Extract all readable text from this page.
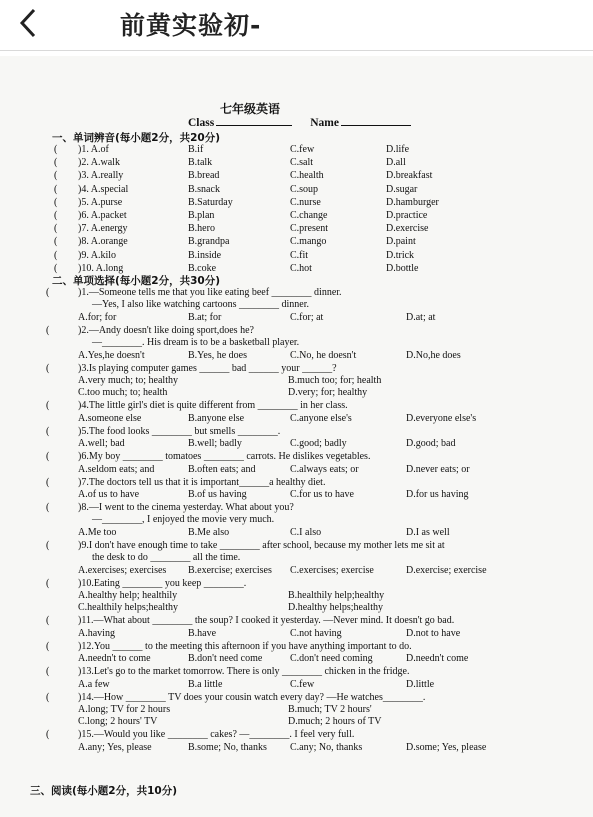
前黄实验初-
七年级英语
Class	Name
一、单词辨音(每小题2分，共20分)
( )1. A.of	B.if	C.few	D.life
( )2. A.walk	B.talk	C.salt	D.all
( )3. A.really	B.bread	C.health	D.breakfast
( )4. A.special	B.snack	C.soup	D.sugar
( )5. A.purse	B.Saturday	C.nurse	D.hamburger
( )6. A.packet	B.plan	C.change	D.practice
( )7. A.energy	B.hero	C.present	D.exercise
( )8. A.orange	B.grandpa	C.mango	D.paint
( )9. A.kilo	B.inside	C.fit	D.trick
( )10. A.long	B.coke	C.hot	D.bottle
二、单项选择(每小题2分，共30分)
(	)1.—Someone tells me that you like eating beef ________ dinner.
—Yes, I also like watching cartoons ________ dinner.
A.for; for	B.at; for	C.for; at	D.at; at
(	)2.—Andy doesn't like doing sport,does he?
—________. His dream is to be a basketball player.
A.Yes,he doesn't	B.Yes, he does	C.No, he doesn't	D.No,he does
(	)3.Is playing computer games ______ bad ______ your ______?
A.very much; to; healthy	B.much too; for; health
C.too much; to; health	D.very; for; healthy
(	)4.The little girl's diet is quite different from ________ in her class.
A.someone else	B.anyone else	C.anyone else's	D.everyone else's
(	)5.The food looks ________ but smells ________.
A.well; bad	B.well; badly	C.good; badly	D.good; bad
(	)6.My boy ________ tomatoes ________ carrots. He dislikes vegetables.
A.seldom eats; and	B.often eats; and	C.always eats; or	D.never eats; or
(	)7.The doctors tell us that it is important______a healthy diet.
A.of us to have	B.of us having	C.for us to have	D.for us having
(	)8.—I went to the cinema yesterday. What about you?
—________, I enjoyed the movie very much.
A.Me too	B.Me also	C.I also	D.I as well
(	)9.I don't have enough time to take ________ after school, because my mother lets me sit at
the desk to do ________ all the time.
A.exercises; exercises B.exercise; exercises C.exercises; exercise	D.exercise; exercise
(	)10.Eating ________ you keep ________.
A.healthy help; healthily	B.healthily help;healthy
C.healthily helps;healthy	D.healthy helps;healthy
(	)11.—What about ________ the soup? I cooked it yesterday. —Never mind. It doesn't go bad.
A.having	B.have	C.not having	D.not to have
(	)12.You ______ to the meeting this afternoon if you have anything important to do.
A.needn't to come	B.don't need come	C.don't need coming	D.needn't come
(	)13.Let's go to the market tomorrow. There is only ________ chicken in the fridge.
A.a few	B.a little	C.few	D.little
(	)14.—How ________ TV does your cousin watch every day? —He watches________.
A.long; TV for 2 hours	B.much; TV 2 hours'
C.long; 2 hours' TV	D.much; 2 hours of TV
(	)15.—Would you like ________ cakes? —________. I feel very full.
A.any; Yes, please	B.some; No, thanks C.any; No, thanks	D.some; Yes, please
三、阅读(每小题2分，共10分)
